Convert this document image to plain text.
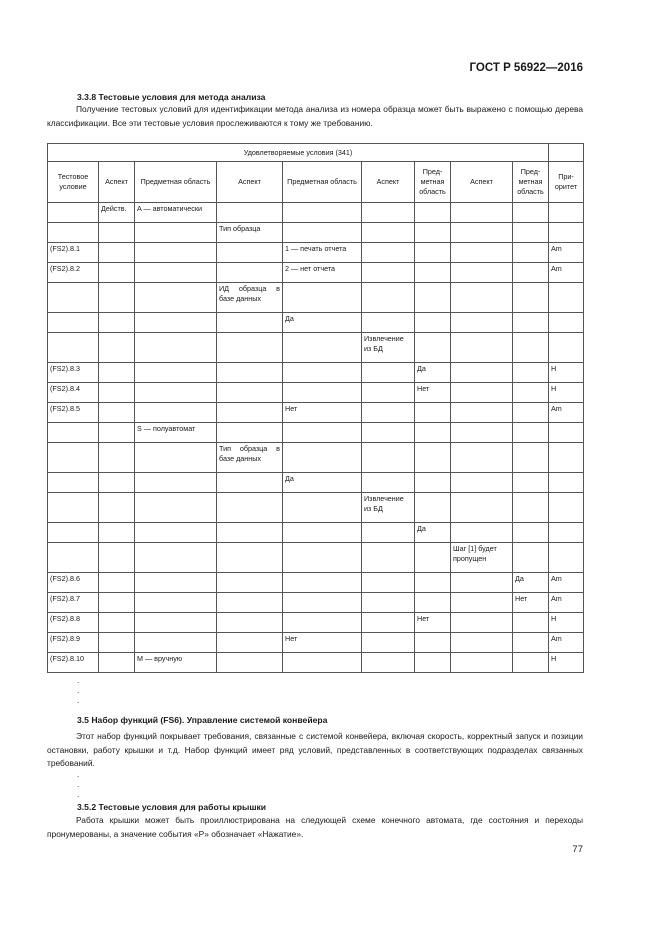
ГОСТ Р 56922—2016
3.3.8 Тестовые условия для метода анализа
Получение тестовых условий для идентификации метода анализа из номера образца может быть выражено с помощью дерева классификации. Все эти тестовые условия прослеживаются к тому же требованию.
Удовлетворяемые условия (341)									
Тестовое условие	Аспект	Предметная область	Аспект	Предметная область	Аспект	Предметная область	Аспект	Предметная область	Приоритет
	Действ.	A — автоматически							
			Тип образца						
(FS2).8.1				1 — печать отчета					Am
(FS2).8.2				2 — нет отчета					Am
			ИД образца в базе данных						
				Да					
					Извлечение из БД				
(FS2).8.3						Да			H
(FS2).8.4						Нет			H
(FS2).8.5				Нет					Am
		S — полуавтомат							
			Тип образца в базе данных						
				Да					
					Извлечение из БД				
						Да			
							Шаг [1] будет пропущен		
(FS2).8.6								Да	Am
(FS2).8.7								Нет	Am
(FS2).8.8						Нет			H
(FS2).8.9				Нет					Am
(FS2).8.10		M — вручную							H
.
.
.
3.5 Набор функций (FS6). Управление системой конвейера
Этот набор функций покрывает требования, связанные с системой конвейера, включая скорость, корректный запуск и позиции остановки, работу крышки и т.д. Набор функций имеет ряд условий, представленных в соответствующих подразделах связанных требований.
.
.
.
3.5.2 Тестовые условия для работы крышки
Работа крышки может быть проиллюстрирована на следующей схеме конечного автомата, где состояния и переходы пронумерованы, а значение события «P» обозначает «Нажатие».
77
